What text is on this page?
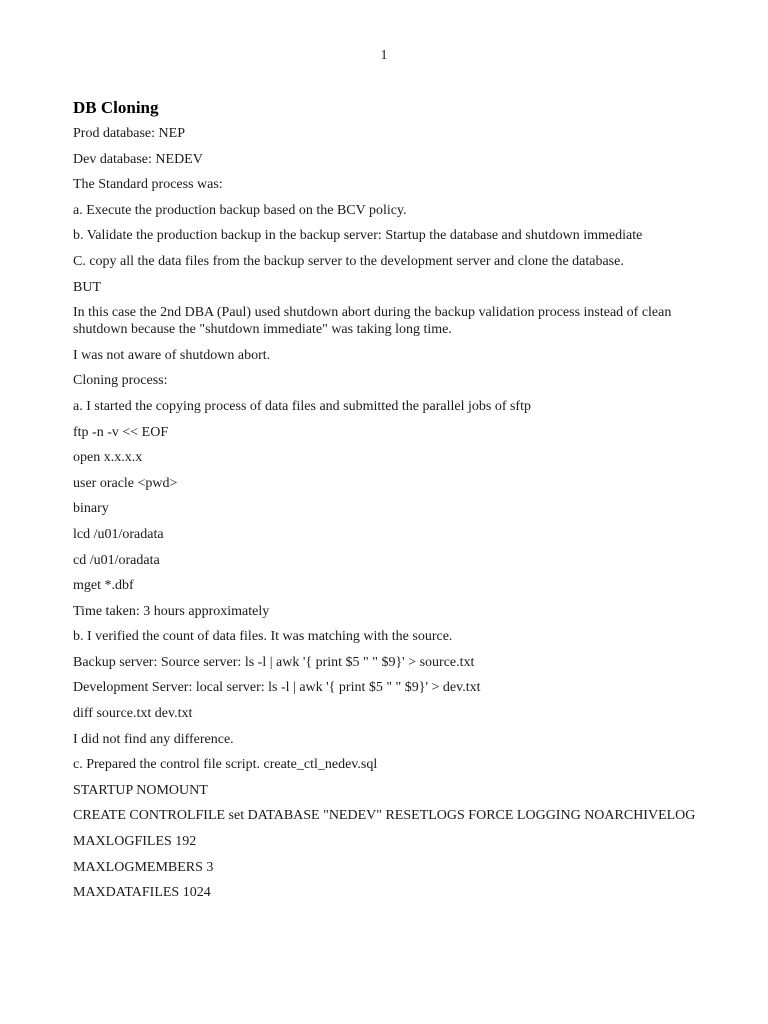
1
DB Cloning
Prod database: NEP
Dev database: NEDEV
The Standard process was:
a. Execute the production backup based on the BCV policy.
b. Validate the production backup in the backup server: Startup the database and shutdown immediate
C. copy all the data files from the backup server to the development server and clone the database.
BUT
In this case the 2nd DBA (Paul) used shutdown abort during the backup validation process instead of clean shutdown because the "shutdown immediate" was taking long time.
I was not aware of shutdown abort.
Cloning process:
a. I started the copying process of data files and submitted the parallel jobs of sftp
ftp -n -v << EOF
open x.x.x.x
user oracle <pwd>
binary
lcd /u01/oradata
cd /u01/oradata
mget *.dbf
Time taken: 3 hours approximately
b. I verified the count of data files. It was matching with the source.
Backup server: Source server: ls -l | awk '{ print $5 " " $9}' > source.txt
Development Server: local server: ls -l | awk '{ print $5 " " $9}' > dev.txt
diff source.txt dev.txt
I did not find any difference.
c. Prepared the control file script. create_ctl_nedev.sql
STARTUP NOMOUNT
CREATE CONTROLFILE set DATABASE "NEDEV" RESETLOGS FORCE LOGGING NOARCHIVELOG
MAXLOGFILES 192
MAXLOGMEMBERS 3
MAXDATAFILES 1024
